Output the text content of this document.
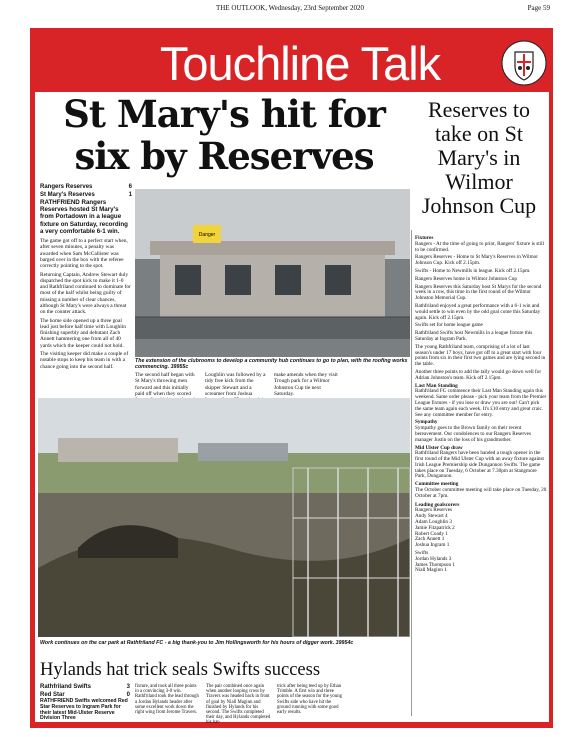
THE OUTLOOK, Wednesday, 23rd September 2020	Page 59
Touchline Talk
St Mary's hit for
six by Reserves
Reserves to take on St Mary's in Wilmor Johnson Cup
Rangers Reserves	6
St Mary's Reserves	1
RATHFRIEND Rangers Reserves hosted St Mary's from Portadown in a league fixture on Saturday, recording a very comfortable 6-1 win.

The game got off to a perfect start when, after seven minutes, a penalty was awarded when Sam McCallister was barged over in the box with the referee correctly pointing to the spot.

Returning Captain, Andrew Stewart duly dispatched the spot kick to make it 1-0 and Rathfriland continued to dominate for most of the half whilst being guilty of missing a number of clear chances, although St Mary's were always a threat on the counter attack.

The home side opened up a three goal lead just before half time with Loughlin finishing superbly and debutant Zach Annett hammering one from all of 40 yards which the keeper could not hold.

The visiting keeper did make a couple of notable stops to keep his team in with a chance going into the second half.

Danger
The extension of the clubrooms to develop a community hub continues to go to plan, with the roofing works commencing. 39955c

The second half began with St Mary's throwing men forward and this initially paid off when they scored

Loughlin was followed by a tidy free kick from the skipper Stewart and a screamer from Joshua

make amends when they visit Trough park for a Wilmor Johnston Cup tie next Saturday.

Work continues on the car park at Rathfriland FC - a big thank-you to Jim Hollingsworth for his hours of digger work. 39954c
Hylands hat trick seals Swifts success
Rathfriland Swifts	3
Red Star	0
RATHFRIEND Swifts welcomed Red Star Reserves to Ingram Park for their latest Mid-Ulster Reserve Division Three
fixture, and took all three points in a convincing 3-0 win. Rathfriland took the lead through a Jordan Hylands header after some excellent work down the right wing from Jerome Travers.
The pair combined once again when another looping cross by Travers was headed back in front of goal by Niall Maginn and finished by Hylands for his second. The Swifts completed their day, and Hylands completed his hat-
trick after being teed up by Ethan Trimble. A first win and three points of the season for the young Swifts side who have hit the ground running with some good early results.

Fixtures
Rangers - At the time of going to print, Rangers' fixture is still to be confirmed.

Rangers Reserves - Home to St Mary's Reserves in Wilmor Johnson Cup. Kick off 2.15pm.

Swifts - Home to Newmills in league. Kick off 2.15pm.

Rangers Reserves home in Wilmor Johnston Cup

Rangers Reserves this Saturday host St Marys for the second week in a row, this time in the first round of the Wilmor Johnston Memorial Cup.

Rathfriland enjoyed a great performance with a 6-1 win and would settle to win even by the odd goal come this Saturday again. Kick off 2.15pm.

Swifts set for home league game

Rathfriland Swifts host Newmills in a league fixture this Saturday at Ingram Park.

The young Rathfriland team, comprising of a lot of last season's under 17 boys, have got off to a great start with four points from six in their first two games and are lying second in the table.

Another three points to add the tally would go down well for Adrian Johnston's team. Kick off 2.15pm.

Last Man Standing
Rathfriland FC commence their Last Man Standing again this weekend. Same order please - pick your team from the Premier League fixtures - if you lose or draw you are out! Can't pick the same team again each week. It's £10 entry and great craic. See any committee member for entry.

Sympathy
Sympathy goes to the Brown family on their recent bereavement. Our condolences to our Rangers Reserves manager Justin on the loss of his grandmother.

Mid Ulster Cup draw
Rathfriland Rangers have been handed a tough opener in the first round of the Mid Ulster Cup with an away fixture against Irish League Premiership side Dungannon Swifts. The game takes place on Tuesday, 6 October at 7.30pm at Stangmore Park, Dungannon.

Committee meeting
The October committee meeting will take place on Tuesday, 20 October at 7pm.

Leading goalscorers
Rangers Reserves
Andy Stewart 4
Adam Loughlin 3
Jamie Fitzpatrick 2
Robert Coady 1
Zach Annett 1
Joshua Ingram 1
Swifts
Jordan Hylands 3
James Thompson 1
Niall Maginn 1
